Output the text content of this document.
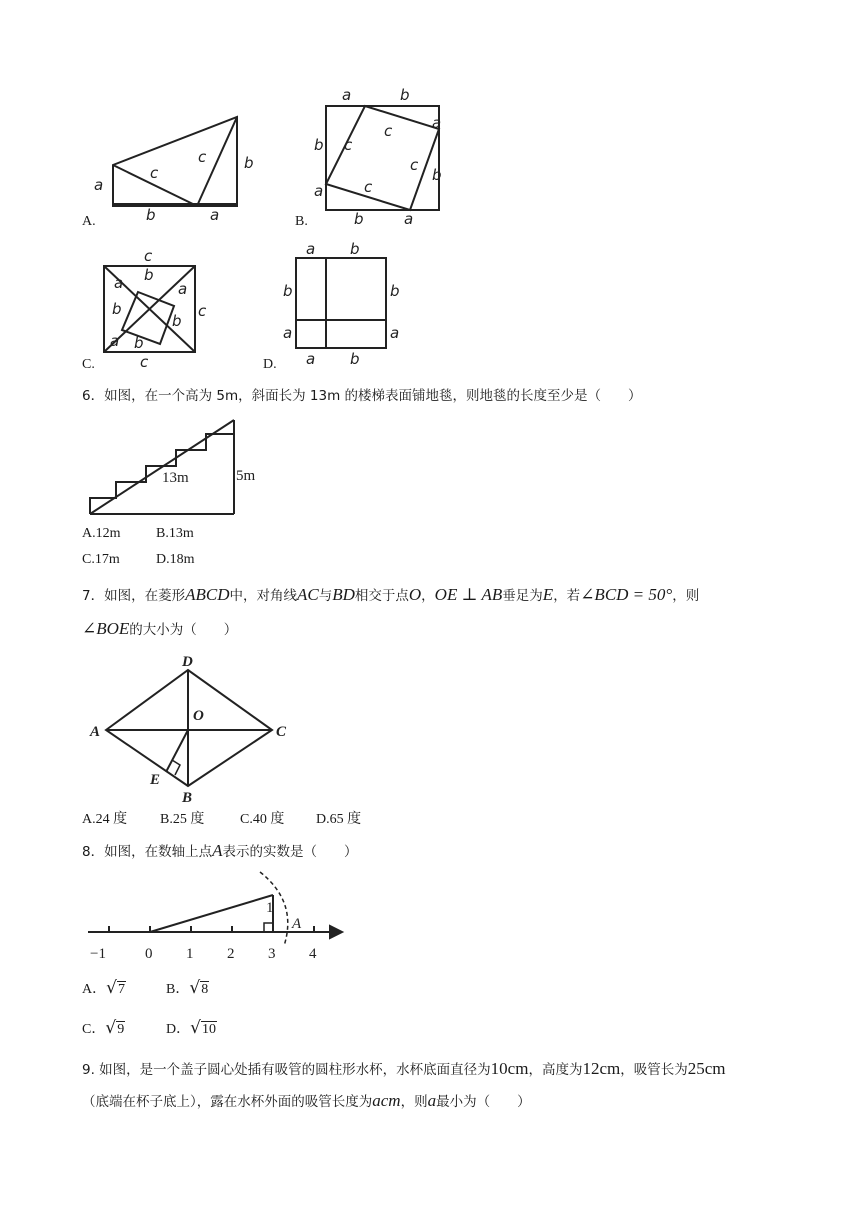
a
c
c	b
b	a
A.
a	b
b c
c	a
c
b
a	c
b	a
B.
c
a b
b
b
c
a
b
a
c
C.
a b
b	b
a	a
a b
D.
6．如图，在一个高为 5m，斜面长为 13m 的楼梯表面铺地毯，则地毯的长度至少是（　　）
13m	5m
A.12m	B.13m
C.17m	D.18m
7．如图，在菱形ABCD中，对角线AC与BD相交于点O，OE ⊥ AB垂足为E，若∠BCD = 50°，则
∠BOE的大小为（　　）
A
D
C
B
O
E
A.24 度 B.25 度	C.40 度 D.65 度
8．如图，在数轴上点A表示的实数是（　　）
1
A
−1	0 1 2 3 4
A．√7	B．√8
C．√9	D．√10
9. 如图，是一个盖子圆心处插有吸管的圆柱形水杯，水杯底面直径为10cm，高度为12cm，吸管长为25cm
（底端在杯子底上），露在水杯外面的吸管长度为acm，则a最小为（　　）
